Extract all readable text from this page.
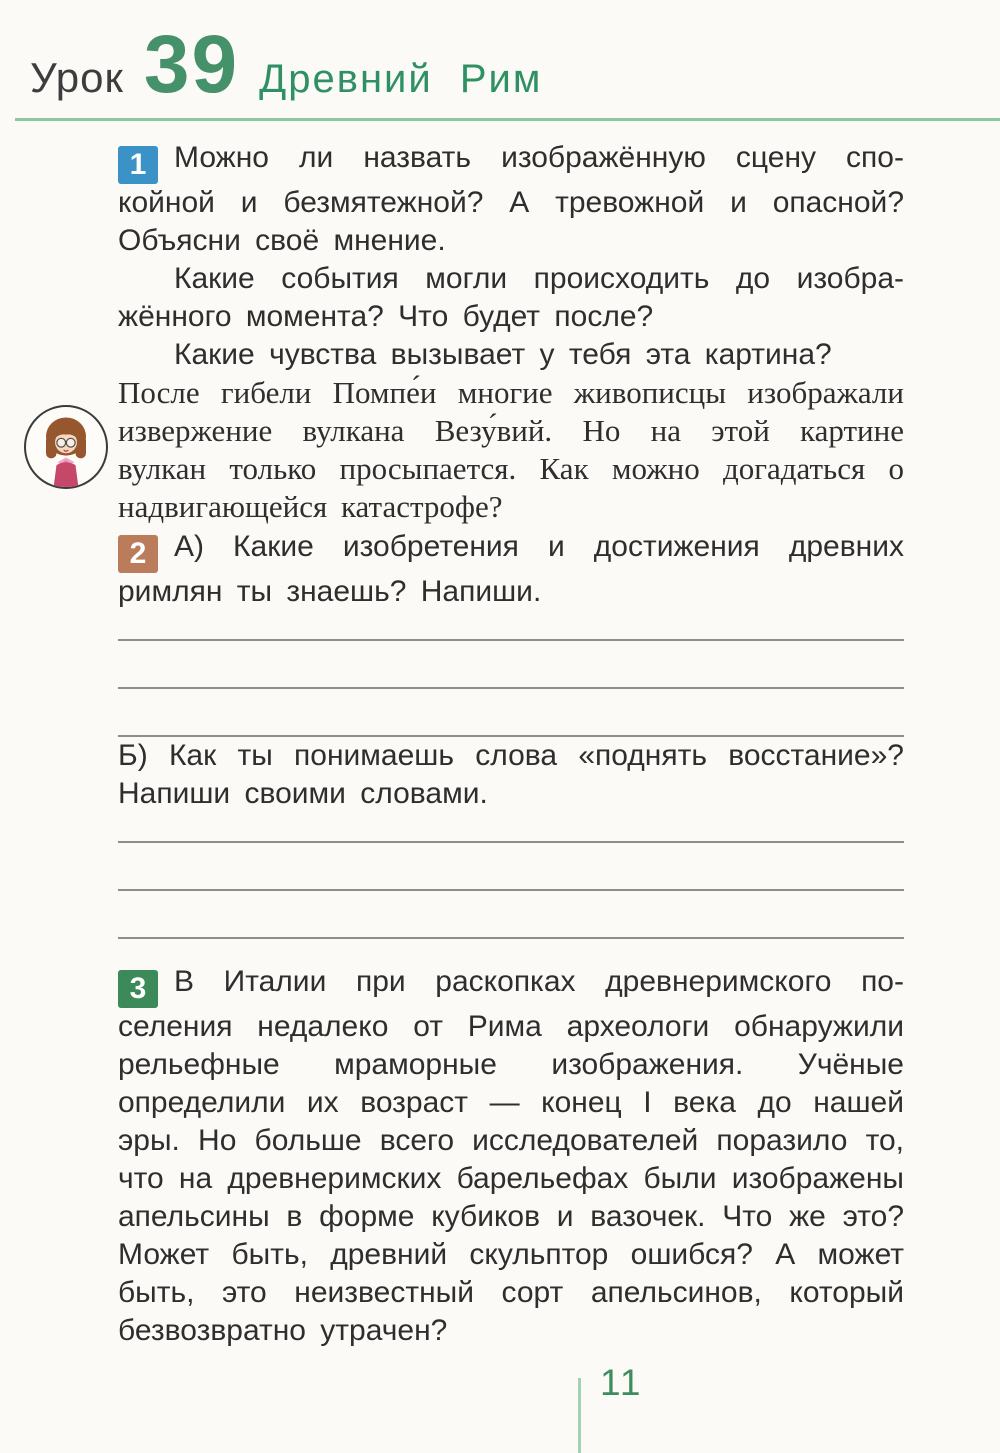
Урок 39 Древний Рим

1 Можно ли назвать изображённую сцену спокойной и безмятежной? А тревожной и опасной? Объясни своё мнение.

Какие события могли происходить до изображённого момента? Что будет после?

Какие чувства вызывает у тебя эта картина?

После гибели Помпе́и многие живописцы изображали извержение вулкана Везу́вий. Но на этой картине вулкан только просыпается. Как можно догадаться о надвигающейся катастрофе?

2 А) Какие изобретения и достижения древних римлян ты знаешь? Напиши.

Б) Как ты понимаешь слова «поднять восстание»? Напиши своими словами.

3 В Италии при раскопках древнеримского поселения недалеко от Рима археологи обнаружили рельефные мраморные изображения. Учёные определили их возраст — конец I века до нашей эры. Но больше всего исследователей поразило то, что на древнеримских барельефах были изображены апельсины в форме кубиков и вазочек. Что же это? Может быть, древний скульптор ошибся? А может быть, это неизвестный сорт апельсинов, который безвозвратно утрачен?

11
